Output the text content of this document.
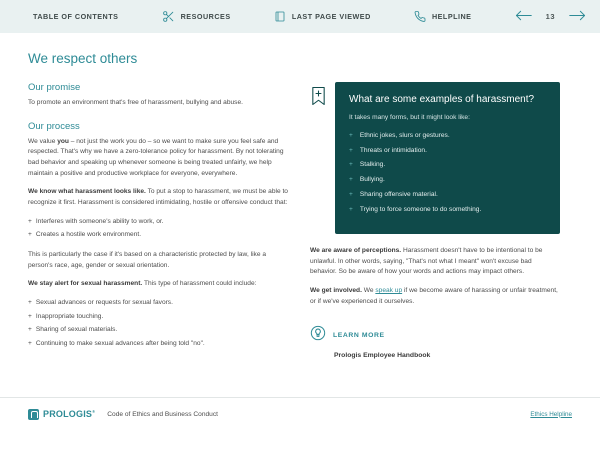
TABLE OF CONTENTS	RESOURCES	LAST PAGE VIEWED	HELPLINE	13
We respect others
Our promise

To promote an environment that's free of harassment, bullying and abuse.

Our process

We value you – not just the work you do – so we want to make sure you feel safe and respected. That's why we have a zero-tolerance policy for harassment. By not tolerating bad behavior and speaking up whenever someone is being treated unfairly, we help maintain a positive and productive workplace for everyone, everywhere.

We know what harassment looks like. To put a stop to harassment, we must be able to recognize it first. Harassment is considered intimidating, hostile or offensive conduct that:

+ Interferes with someone's ability to work, or.
+ Creates a hostile work environment.

This is particularly the case if it's based on a characteristic protected by law, like a person's race, age, gender or sexual orientation.

We stay alert for sexual harassment. This type of harassment could include:

+ Sexual advances or requests for sexual favors.
+ Inappropriate touching.
+ Sharing of sexual materials.
+ Continuing to make sexual advances after being told "no".
What are some examples of harassment?

It takes many forms, but it might look like:

+ Ethnic jokes, slurs or gestures.
+ Threats or intimidation.
+ Stalking.
+ Bullying.
+ Sharing offensive material.
+ Trying to force someone to do something.

We are aware of perceptions. Harassment doesn't have to be intentional to be unlawful. In other words, saying, "That's not what I meant" won't excuse bad behavior. So be aware of how your words and actions may impact others.

We get involved. We speak up if we become aware of harassing or unfair treatment, or if we've experienced it ourselves.

LEARN MORE
Prologis Employee Handbook
PROLOGIS® Code of Ethics and Business Conduct	Ethics Helpline
